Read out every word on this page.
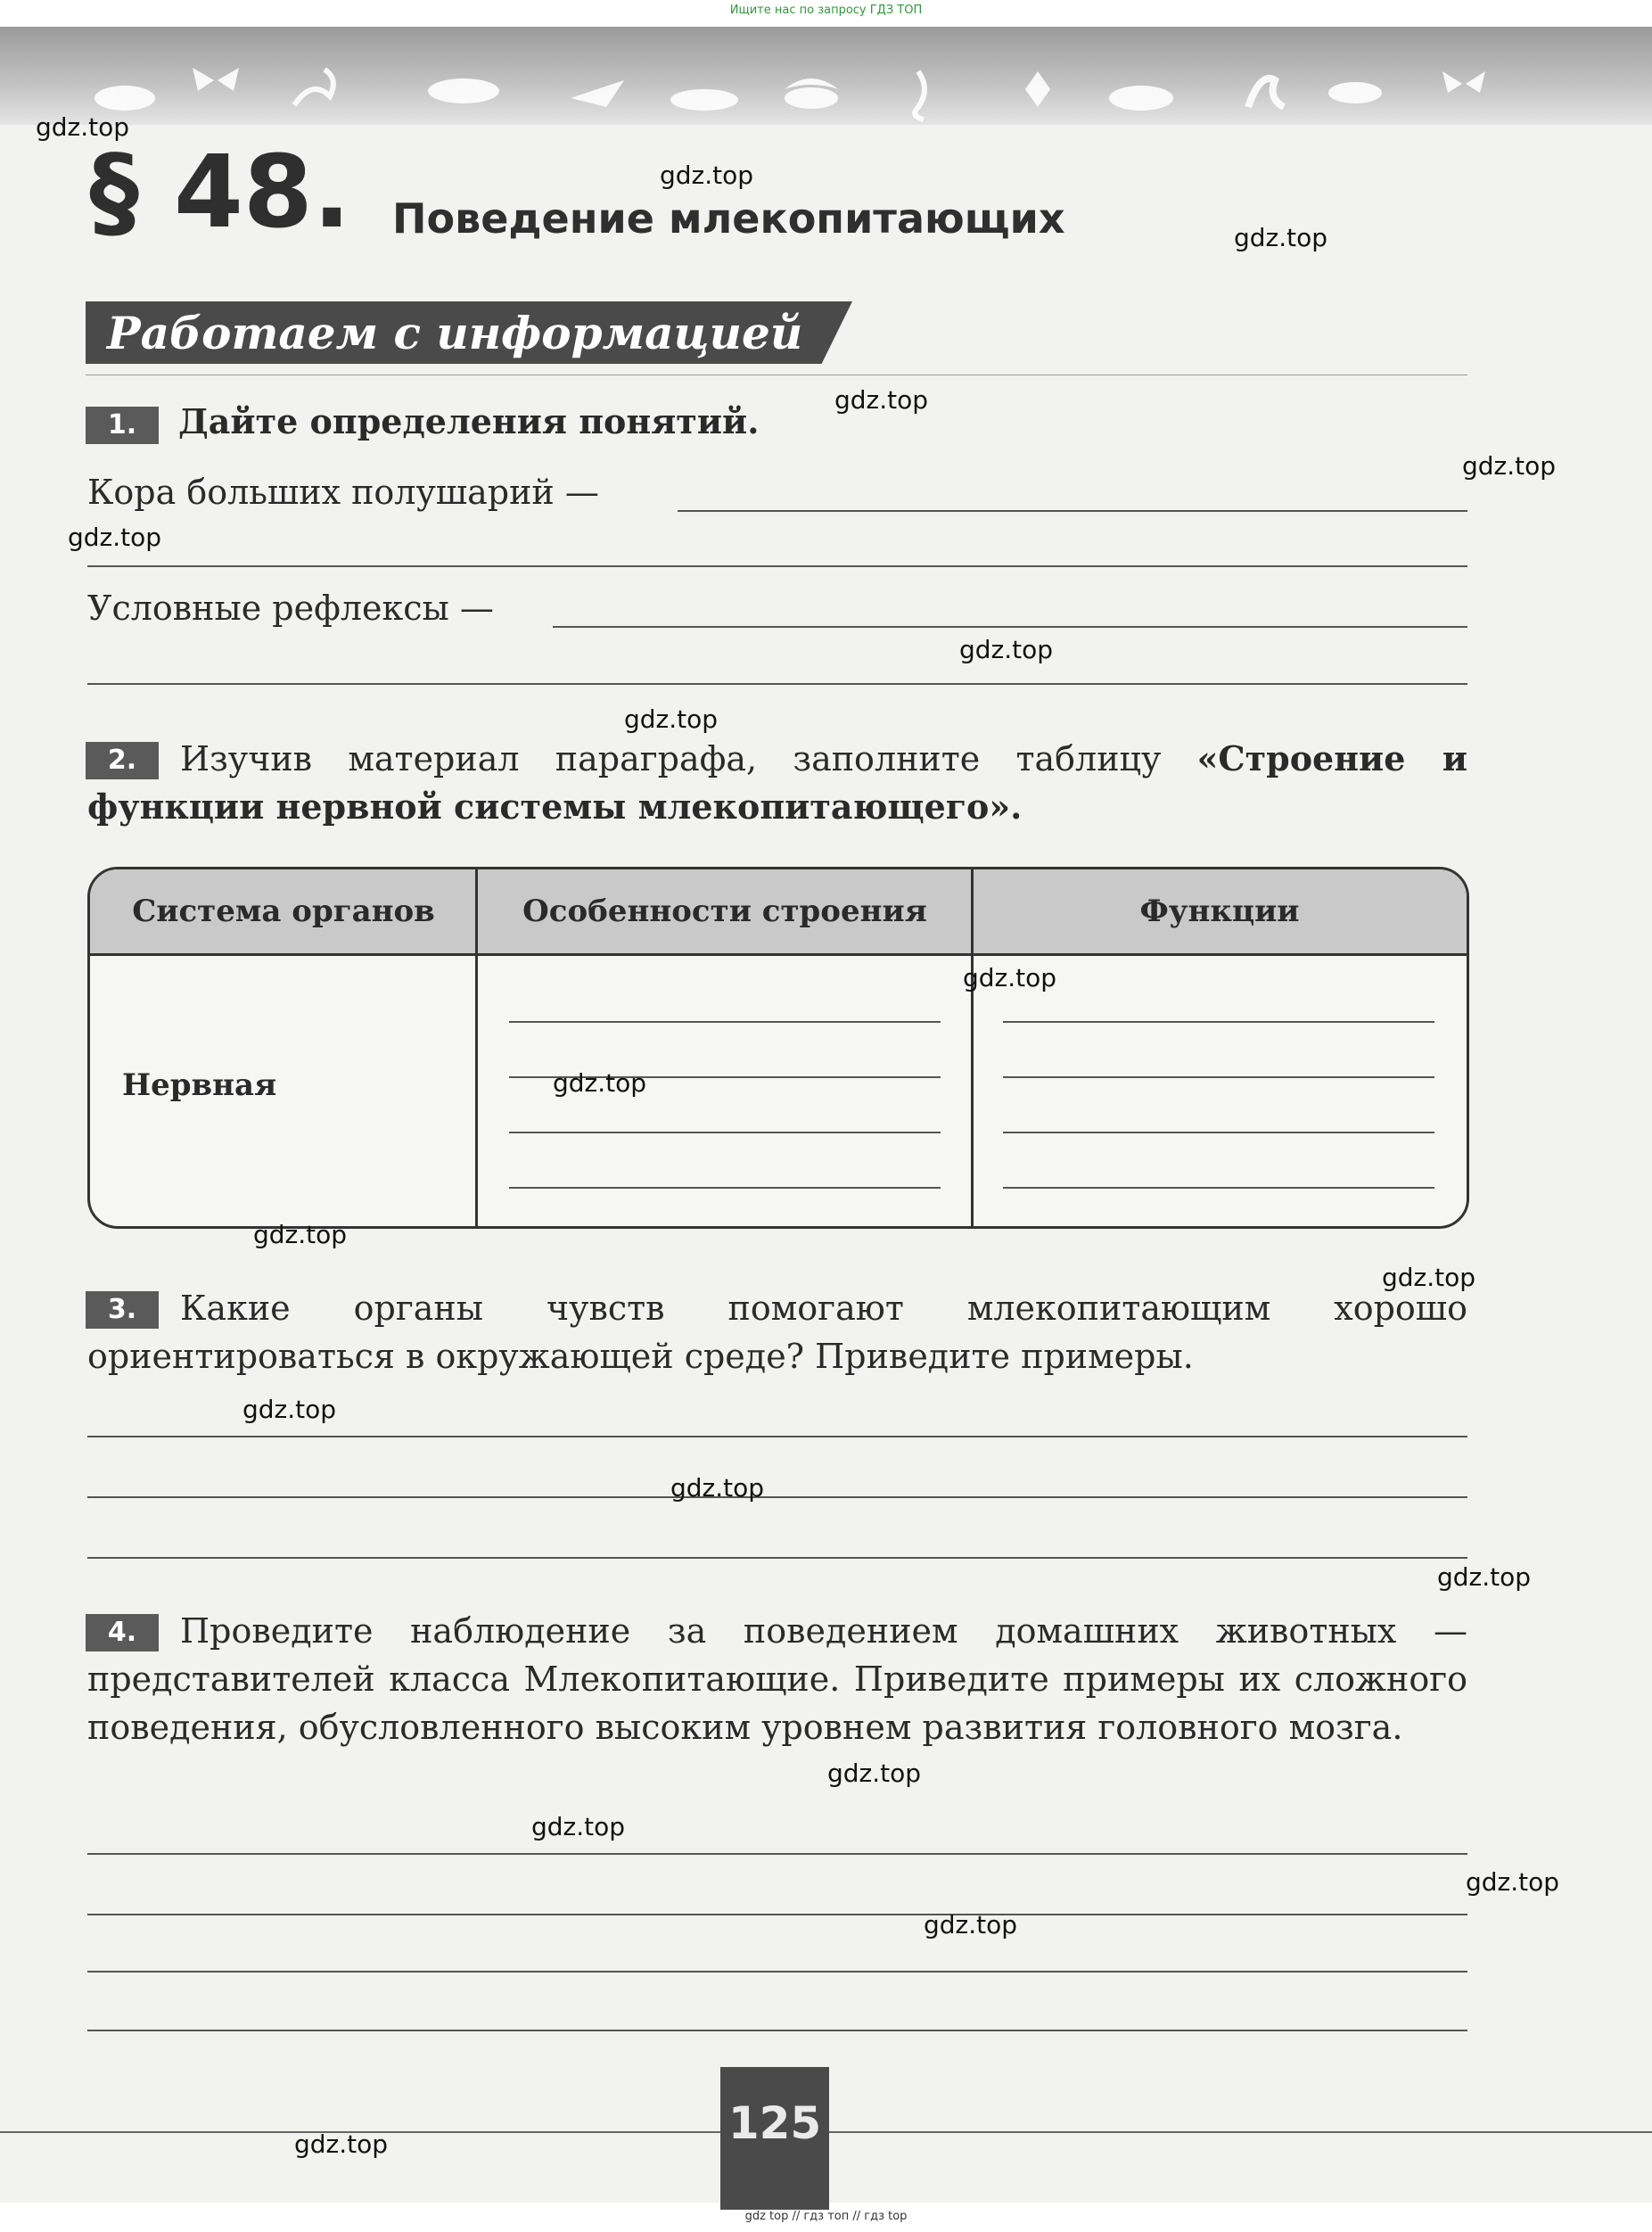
Ищите нас по запросу ГДЗ ТОП
§ 48. Поведение млекопитающих
Работаем с информацией
1.	Дайте определения понятий.
Кора больших полушарий —
Условные рефлексы —
2.	Изучив материал параграфа, заполните таблицу «Строение и функции нервной системы млекопитающего».
Система органов	Особенности строения	Функции
Нервная
3.	Какие органы чувств помогают млекопитающим хорошо ориентироваться в окружающей среде? Приведите примеры.
4.	Проведите наблюдение за поведением домашних животных — представителей класса Млекопитающие. Приведите примеры их сложного поведения, обусловленного высоким уровнем развития головного мозга.
125
gdz top // гдз топ // гдз top
gdz.top
gdz.top
gdz.top
gdz.top
gdz.top
gdz.top
gdz.top
gdz.top
gdz.top
gdz.top
gdz.top
gdz.top
gdz.top
gdz.top
gdz.top
gdz.top
gdz.top
gdz.top
gdz.top
gdz.top
